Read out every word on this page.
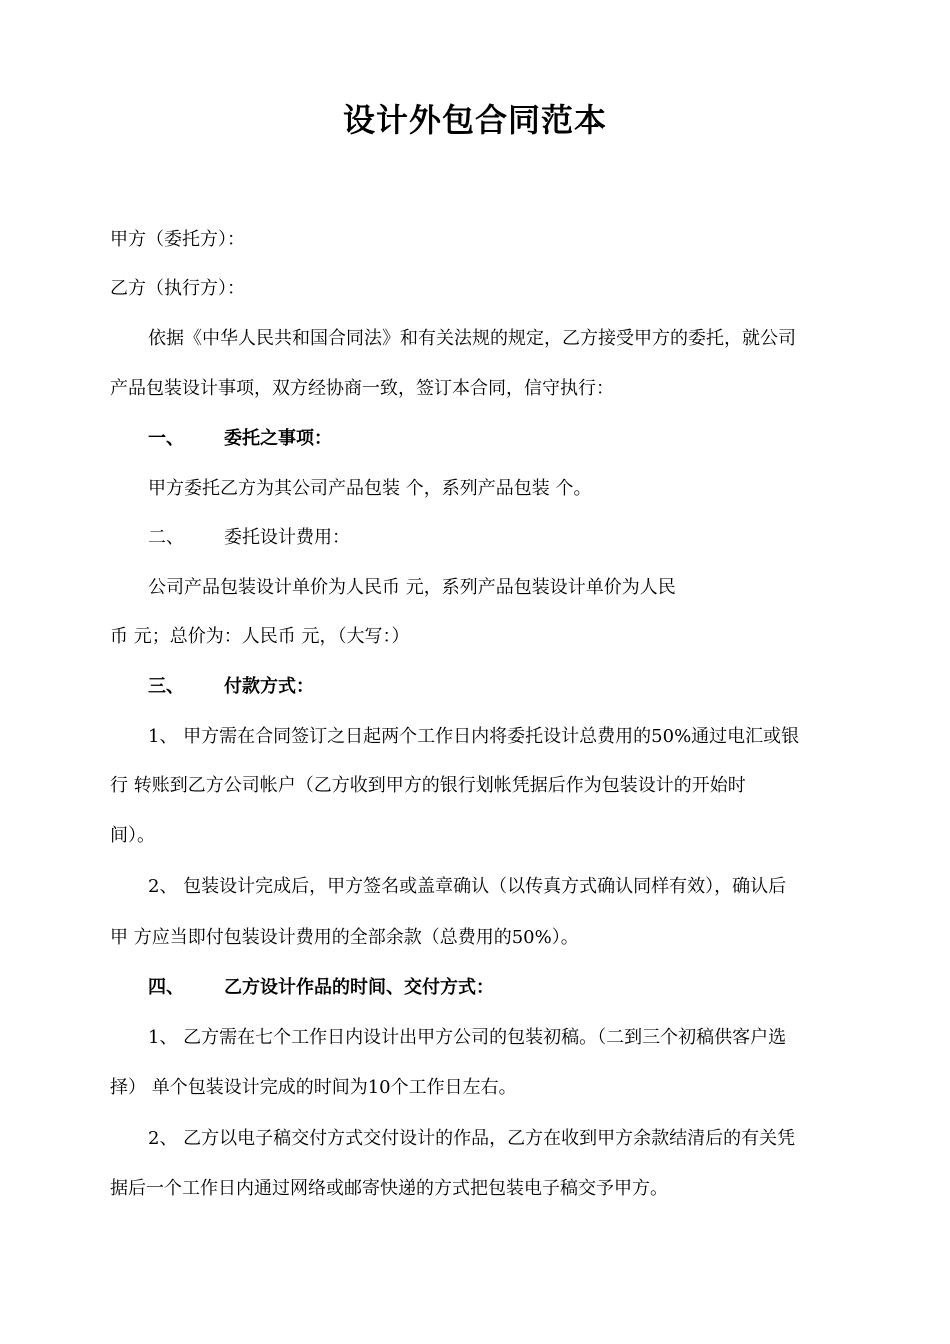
设计外包合同范本
甲方（委托方）：
乙方（执行方）：
依据《中华人民共和国合同法》和有关法规的规定，乙方接受甲方的委托，就公司
产品包装设计事项，双方经协商一致，签订本合同，信守执行：
一、 委托之事项：
甲方委托乙方为其公司产品包装 个，系列产品包装 个。
二、 委托设计费用：
公司产品包装设计单价为人民币 元，系列产品包装设计单价为人民
币 元；总价为：人民币 元，（大写：）
三、 付款方式：
1、 甲方需在合同签订之日起两个工作日内将委托设计总费用的50%通过电汇或银
行 转账到乙方公司帐户（乙方收到甲方的银行划帐凭据后作为包装设计的开始时
间）。
2、 包装设计完成后，甲方签名或盖章确认（以传真方式确认同样有效），确认后
甲 方应当即付包装设计费用的全部余款（总费用的50%）。
四、 乙方设计作品的时间、交付方式：
1、 乙方需在七个工作日内设计出甲方公司的包装初稿。（二到三个初稿供客户选
择） 单个包装设计完成的时间为10个工作日左右。
2、 乙方以电子稿交付方式交付设计的作品，乙方在收到甲方余款结清后的有关凭
据后一个工作日内通过网络或邮寄快递的方式把包装电子稿交予甲方。
